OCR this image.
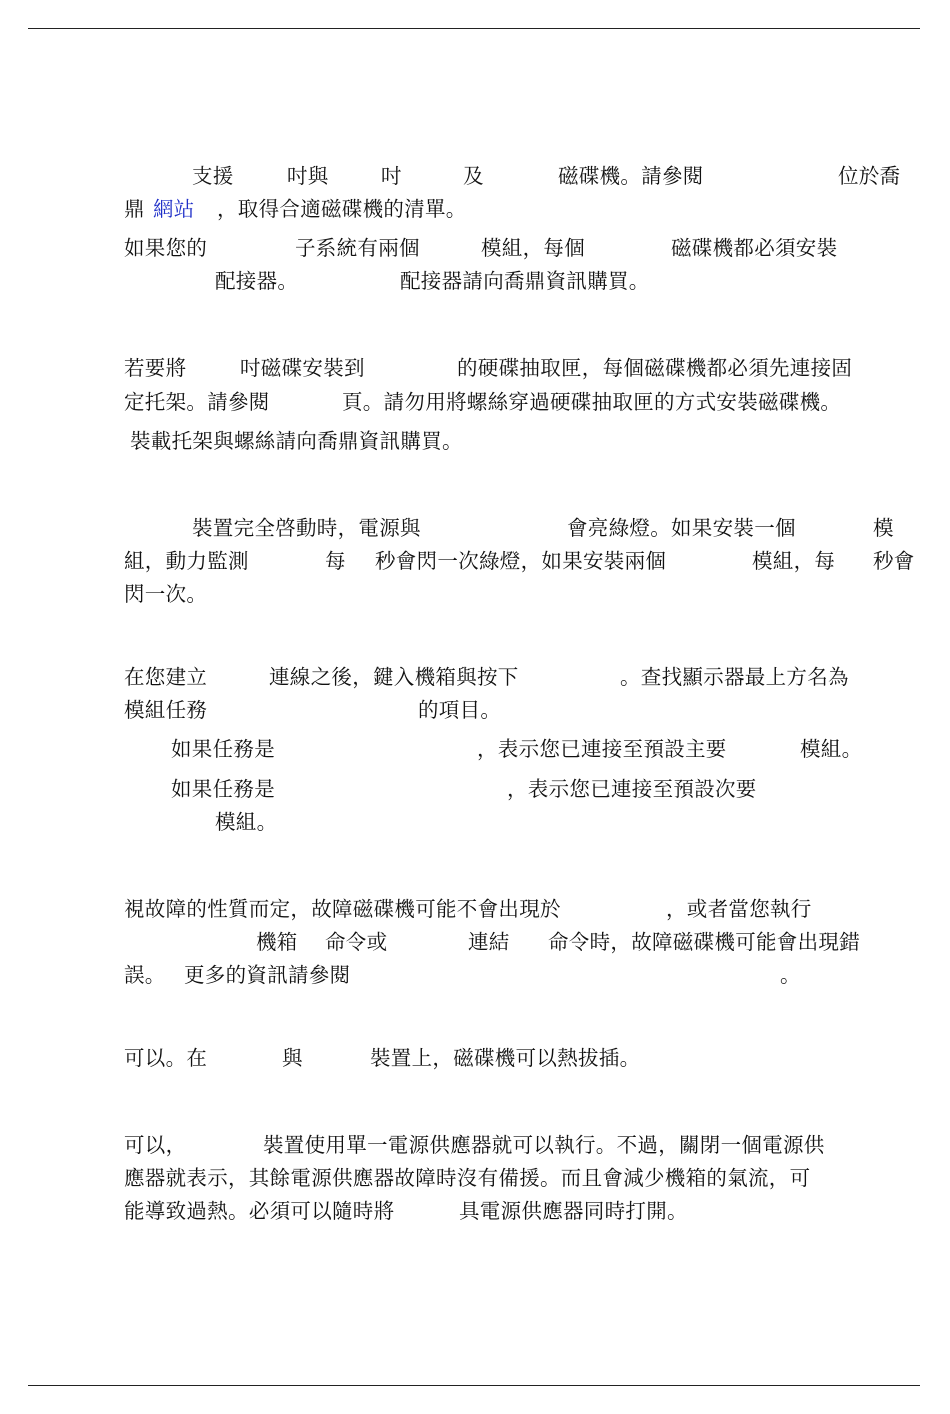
支援	吋與	吋	及	磁碟機。請參閱	位於喬
鼎 網站 ，取得合適磁碟機的清單。
如果您的	子系統有兩個	模組，每個	磁碟機都必須安裝
配接器。	配接器請向喬鼎資訊購買。
若要將	吋磁碟安裝到	的硬碟抽取匣，每個磁碟機都必須先連接固
定托架。請參閱	頁。請勿用將螺絲穿過硬碟抽取匣的方式安裝磁碟機。
裝載托架與螺絲請向喬鼎資訊購買。
裝置完全啓動時，電源與	會亮綠燈。如果安裝一個	模
組，動力監測	每 秒會閃一次綠燈，如果安裝兩個	模組，每 秒會
閃一次。
在您建立	連線之後，鍵入機箱與按下	。查找顯示器最上方名為
模組任務	的項目。
如果任務是	，表示您已連接至預設主要	模組。
如果任務是	，表示您已連接至預設次要
模組。
視故障的性質而定，故障磁碟機可能不會出現於	，或者當您執行
機箱 命令或	連結 命令時，故障磁碟機可能會出現錯
誤。 更多的資訊請參閱	。
可以。在	與	裝置上，磁碟機可以熱拔插。
可以，	裝置使用單一電源供應器就可以執行。不過，關閉一個電源供
應器就表示，其餘電源供應器故障時沒有備援。而且會減少機箱的氣流，可
能導致過熱。必須可以隨時將	具電源供應器同時打開。
